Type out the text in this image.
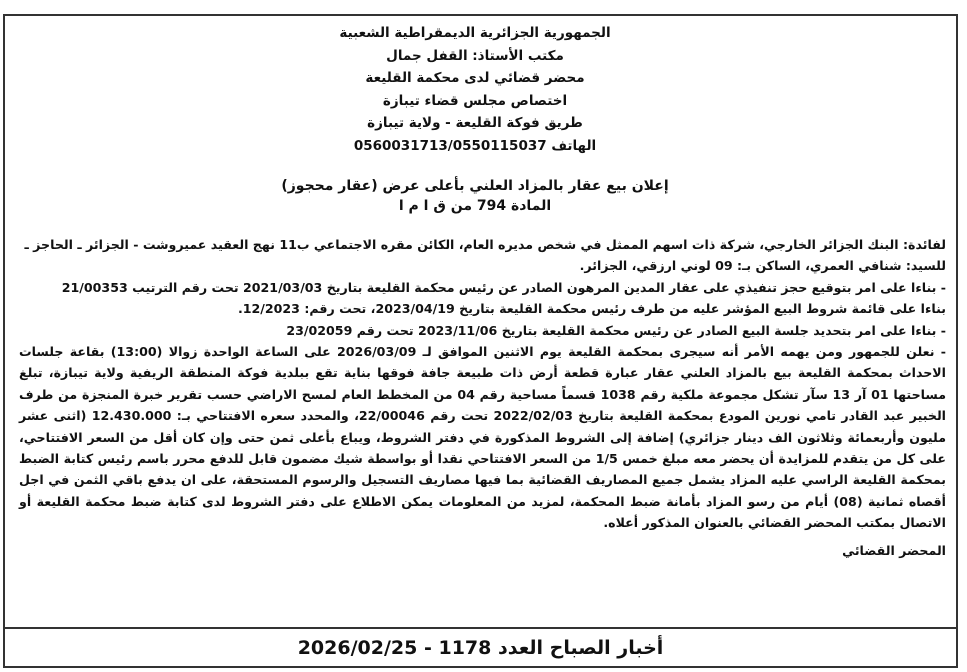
الجمهورية الجزائرية الديمقراطية الشعبية
مكتب الأستاذ: القفل جمال
محضر قضائي لدى محكمة القليعة
اختصاص مجلس قضاء تيبازة
طريق فوكة القليعة - ولاية تيبازة
الهاتف 0560031713/0550115037
إعلان بيع عقار بالمزاد العلني بأعلى عرض (عقار محجوز)
المادة 794 من ق ا م ا

لفائدة: البنك الجزائر الخارجي، شركة ذات اسهم الممثل في شخص مديره العام، الكائن مقره الاجتماعي ب11 نهج العقيد عميروشت - الجزائر ـ الحاجز ـ

للسيد: شنافي العمري، الساكن بـ: 09 لوني ارزقي، الجزائر.

- بناءا على امر بتوقيع حجز تنفيذي على عقار المدين المرهون الصادر عن رئيس محكمة القليعة بتاريخ 2021/03/03 تحت رقم الترتيب 21/00353

بناءا على قائمة شروط البيع المؤشر عليه من طرف رئيس محكمة القليعة بتاريخ 2023/04/19، تحت رقم: 12/2023.

- بناءا على امر بتحديد جلسة البيع الصادر عن رئيس محكمة القليعة بتاريخ 2023/11/06 تحت رقم 23/02059

- نعلن للجمهور ومن يهمه الأمر أنه سيجرى بمحكمة القليعة يوم الاثنين الموافق لـ 2026/03/09 على الساعة الواحدة زوالا (13:00) بقاعة جلسات الاحداث بمحكمة القليعة بيع بالمزاد العلني عقار عبارة قطعة أرض ذات طبيعة جافة فوقها بناية تقع ببلدية فوكة المنطقة الريفية ولاية تيبازة، تبلغ مساحتها 01 آر 13 سآر تشكل مجموعة ملكية رقم 1038 قسماً مساحية رقم 04 من المخطط العام لمسح الاراضي حسب تقرير خبرة المنجزة من طرف الخبير عبد القادر تامي نورين المودع بمحكمة القليعة بتاريخ 2022/02/03 تحت رقم 22/00046، والمحدد سعره الافتتاحي بـ: 12.430.000 (اثنى عشر مليون وأربعمائة وثلاثون الف دينار جزائري) إضافة إلى الشروط المذكورة في دفتر الشروط، ويباع بأعلى ثمن حتى وإن كان أقل من السعر الافتتاحي، على كل من يتقدم للمزايدة أن يحضر معه مبلغ خمس 1/5 من السعر الافتتاحي نقدا أو بواسطة شيك مضمون قابل للدفع محرر باسم رئيس كتابة الضبط بمحكمة القليعة الراسي عليه المزاد يشمل جميع المصاريف القضائية بما فيها مصاريف التسجيل والرسوم المستحقة، على ان يدفع باقي الثمن في اجل أقصاه ثمانية (08) أيام من رسو المزاد بأمانة ضبط المحكمة، لمزيد من المعلومات يمكن الاطلاع على دفتر الشروط لدى كتابة ضبط محكمة القليعة أو الاتصال بمكتب المحضر القضائي بالعنوان المذكور أعلاه.

المحضر القضائي

أخبار الصباح العدد 1178 - 2026/02/25
